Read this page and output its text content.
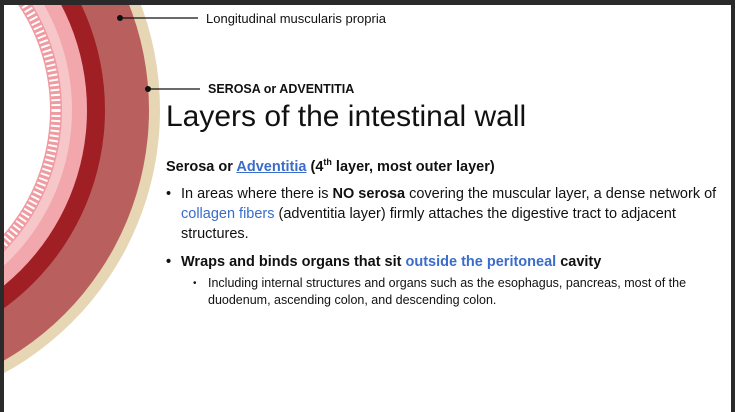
Longitudinal muscularis propria
SEROSA or ADVENTITIA
Layers of the intestinal wall
Serosa or Adventitia (4th layer, most outer layer)
• In areas where there is NO serosa covering the muscular layer, a dense network of collagen fibers (adventitia layer) firmly attaches the digestive tract to adjacent structures.
• Wraps and binds organs that sit outside the peritoneal cavity
• Including internal structures and organs such as the esophagus, pancreas, most of the duodenum, ascending colon, and descending colon.
